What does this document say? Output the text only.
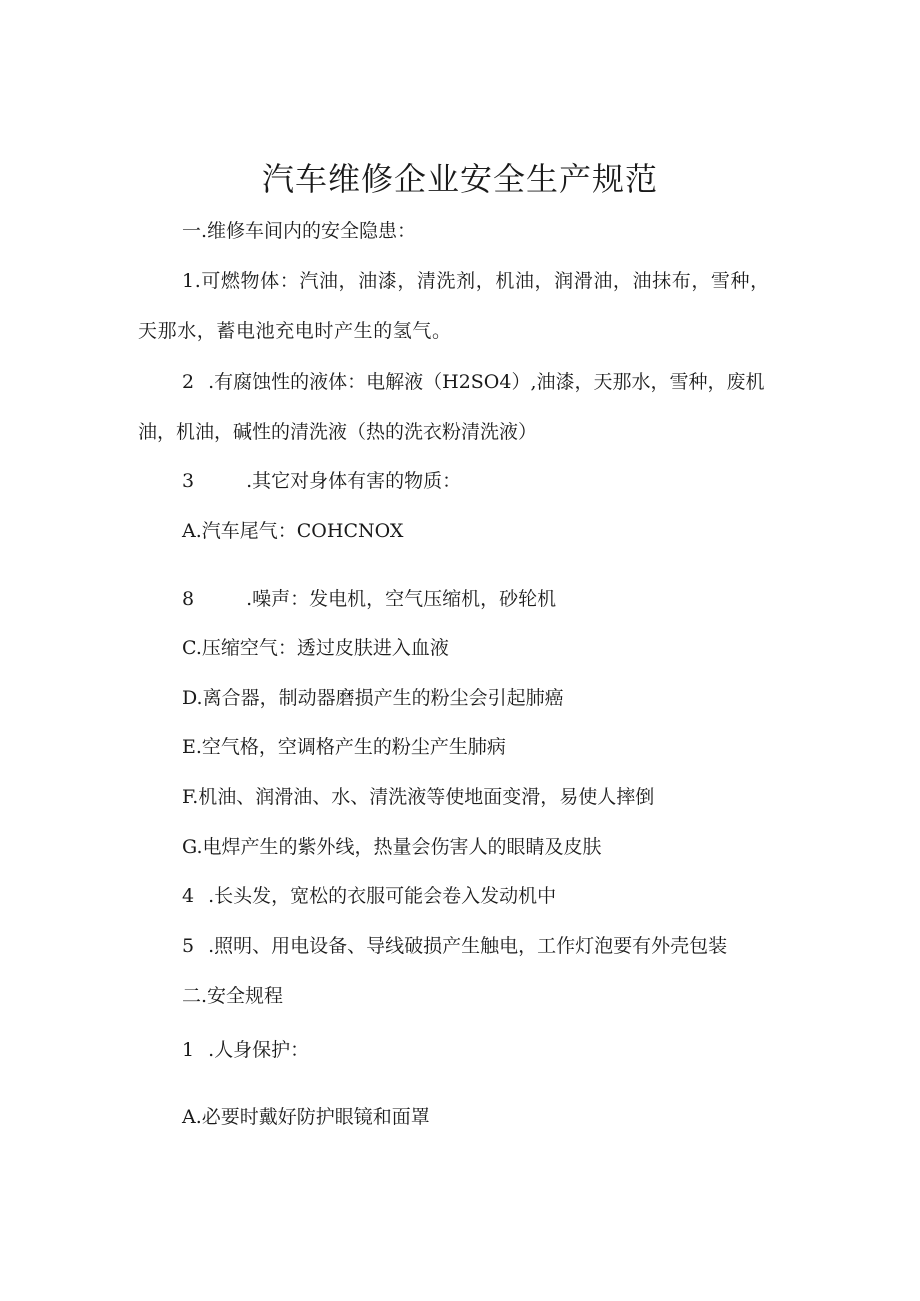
汽车维修企业安全生产规范
一.维修车间内的安全隐患：
1.可燃物体：汽油，油漆，清洗剂，机油，润滑油，油抹布，雪种，
天那水，蓄电池充电时产生的氢气。
2 .有腐蚀性的液体：电解液（H2SO4）,油漆，天那水，雪种，废机
油，机油，碱性的清洗液（热的洗衣粉清洗液）
3	.其它对身体有害的物质：
A.汽车尾气：COHCNOX
8	.噪声：发电机，空气压缩机，砂轮机
C.压缩空气：透过皮肤进入血液
D.离合器，制动器磨损产生的粉尘会引起肺癌
E.空气格，空调格产生的粉尘产生肺病
F.机油、润滑油、水、清洗液等使地面变滑，易使人摔倒
G.电焊产生的紫外线，热量会伤害人的眼睛及皮肤
4 .长头发，宽松的衣服可能会卷入发动机中
5 .照明、用电设备、导线破损产生触电，工作灯泡要有外壳包装
二.安全规程
1 .人身保护：
A.必要时戴好防护眼镜和面罩
